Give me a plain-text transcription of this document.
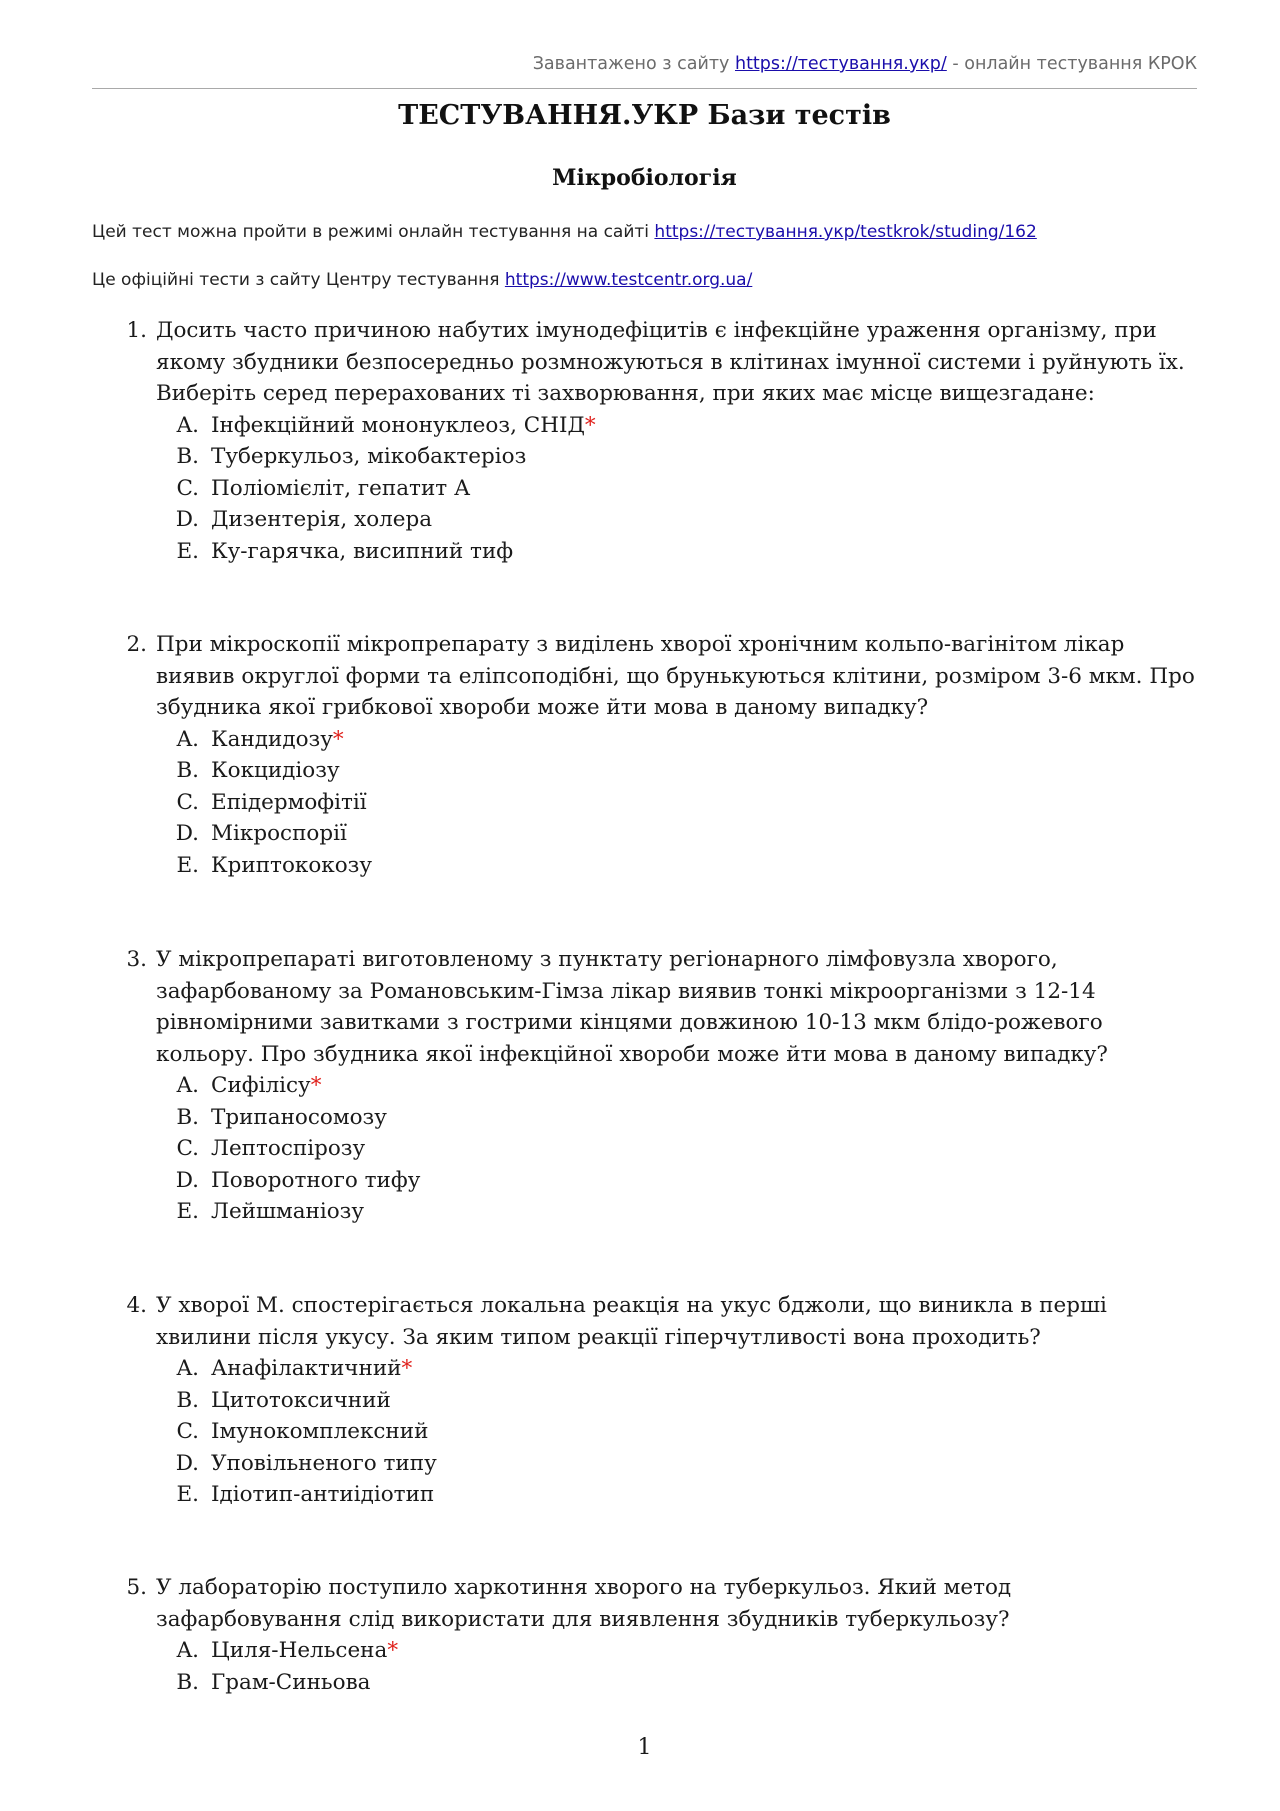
Завантажено з сайту https://тестування.укр/ - онлайн тестування КРОК
ТЕСТУВАННЯ.УКР Бази тестів
Мікробіологія
Цей тест можна пройти в режимі онлайн тестування на сайті https://тестування.укр/testkrok/studing/162
Це офіційні тести з сайту Центру тестування https://www.testcentr.org.ua/
1. Досить часто причиною набутих імунодефіцитів є інфекційне ураження організму, при якому збудники безпосередньо розмножуються в клітинах імунної системи і руйнують їх. Виберіть серед перерахованих ті захворювання, при яких має місце вищезгадане:
A. Інфекційний мононуклеоз, СНІД*
B. Туберкульоз, мікобактеріоз
C. Поліомієліт, гепатит А
D. Дизентерія, холера
E. Ку-гарячка, висипний тиф
2. При мікроскопії мікропрепарату з виділень хворої хронічним кольпо-вагінітом лікар виявив округлої форми та еліпсоподібні, що брунькуються клітини, розміром 3-6 мкм. Про збудника якої грибкової хвороби може йти мова в даному випадку?
A. Кандидозу*
B. Кокцидіозу
C. Епідермофітії
D. Мікроспорії
E. Криптококозу
3. У мікропрепараті виготовленому з пунктату регіонарного лімфовузла хворого, зафарбованому за Романовським-Гімза лікар виявив тонкі мікроорганізми з 12-14 рівномірними завитками з гострими кінцями довжиною 10-13 мкм блідо-рожевого кольору. Про збудника якої інфекційної хвороби може йти мова в даному випадку?
A. Сифілісу*
B. Трипаносомозу
C. Лептоспірозу
D. Поворотного тифу
E. Лейшманіозу
4. У хворої М. спостерігається локальна реакція на укус бджоли, що виникла в перші хвилини після укусу. За яким типом реакції гіперчутливості вона проходить?
A. Анафілактичний*
B. Цитотоксичний
C. Імунокомплексний
D. Уповільненого типу
E. Ідіотип-антиідіотип
5. У лабораторію поступило харкотиння хворого на туберкульоз. Який метод зафарбовування слід використати для виявлення збудників туберкульозу?
A. Циля-Нельсена*
B. Грам-Синьова
1
